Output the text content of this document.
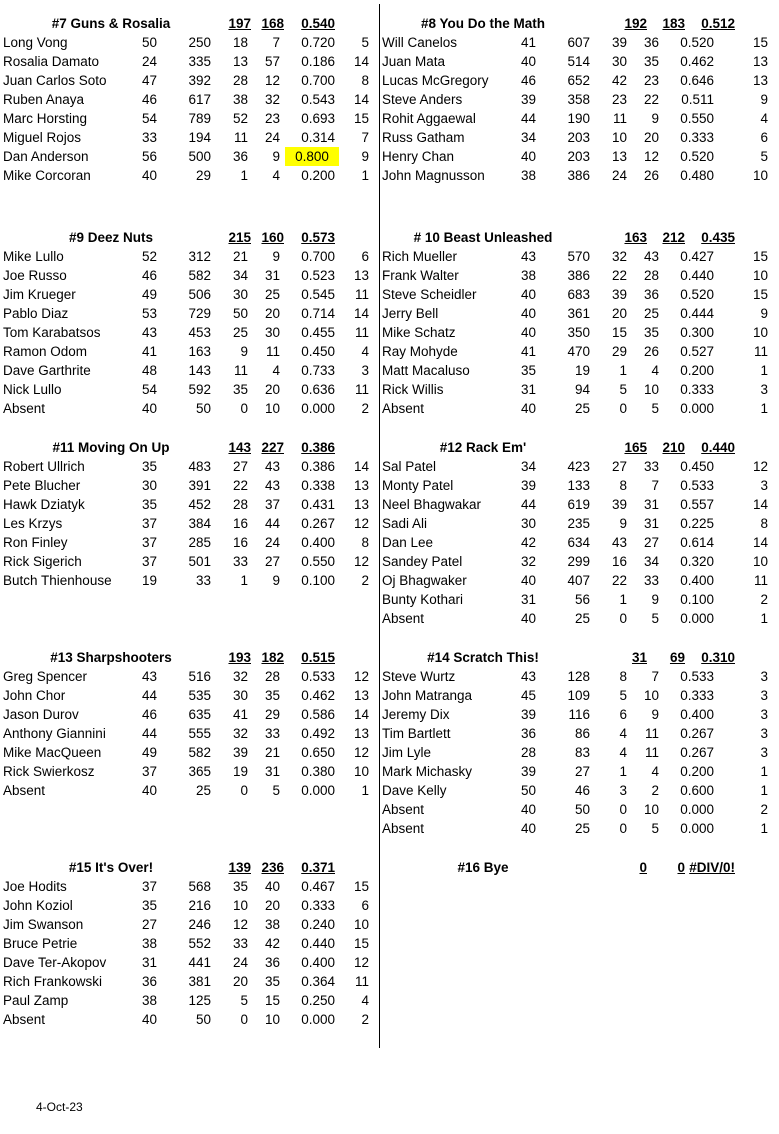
#7 Guns & Rosalia	197 168	0.540
Long Vong	50	250	18	7	0.720	5
Rosalia Damato	24	335	13	57	0.186	14
Juan Carlos Soto	47	392	28	12	0.700	8
Ruben Anaya	46	617	38	32	0.543	14
Marc Horsting	54	789	52	23	0.693	15
Miguel Rojos	33	194	11	24	0.314	7
Dan Anderson	56	500	36	9	0.800	9
Mike Corcoran	40	29	1	4	0.200	1
#8 You Do the Math	192	183	0.512
Will Canelos	41	607	39	36	0.520	15
Juan Mata	40	514	30	35	0.462	13
Lucas McGregory	46	652	42	23	0.646	13
Steve Anders	39	358	23	22	0.511	9
Rohit Aggaewal	44	190	11	9	0.550	4
Russ Gatham	34	203	10	20	0.333	6
Henry Chan	40	203	13	12	0.520	5
John Magnusson	38	386	24	26	0.480	10
#9 Deez Nuts	215 160	0.573
Mike Lullo	52	312	21	9	0.700	6
Joe Russo	46	582	34	31	0.523	13
Jim Krueger	49	506	30	25	0.545	11
Pablo Diaz	53	729	50	20	0.714	14
Tom Karabatsos	43	453	25	30	0.455	11
Ramon Odom	41	163	9	11	0.450	4
Dave Garthrite	48	143	11	4	0.733	3
Nick Lullo	54	592	35	20	0.636	11
Absent	40	50	0	10	0.000	2
# 10 Beast Unleashed	163	212	0.435
Rich Mueller	43	570	32	43	0.427	15
Frank Walter	38	386	22	28	0.440	10
Steve Scheidler	40	683	39	36	0.520	15
Jerry Bell	40	361	20	25	0.444	9
Mike Schatz	40	350	15	35	0.300	10
Ray Mohyde	41	470	29	26	0.527	11
Matt Macaluso	35	19	1	4	0.200	1
Rick Willis	31	94	5	10	0.333	3
Absent	40	25	0	5	0.000	1
#11 Moving On Up	143 227	0.386
Robert Ullrich	35	483	27	43	0.386	14
Pete Blucher	30	391	22	43	0.338	13
Hawk Dziatyk	35	452	28	37	0.431	13
Les Krzys	37	384	16	44	0.267	12
Ron Finley	37	285	16	24	0.400	8
Rick Sigerich	37	501	33	27	0.550	12
Butch Thienhouse	19	33	1	9	0.100	2
#12 Rack Em'	165	210	0.440
Sal Patel	34	423	27	33	0.450	12
Monty Patel	39	133	8	7	0.533	3
Neel Bhagwakar	44	619	39	31	0.557	14
Sadi Ali	30	235	9	31	0.225	8
Dan Lee	42	634	43	27	0.614	14
Sandey Patel	32	299	16	34	0.320	10
Oj Bhagwaker	40	407	22	33	0.400	11
Bunty Kothari	31	56	1	9	0.100	2
Absent	40	25	0	5	0.000	1
#13 Sharpshooters	193 182	0.515
Greg Spencer	43	516	32	28	0.533	12
John Chor	44	535	30	35	0.462	13
Jason Durov	46	635	41	29	0.586	14
Anthony Giannini	44	555	32	33	0.492	13
Mike MacQueen	49	582	39	21	0.650	12
Rick Swierkosz	37	365	19	31	0.380	10
Absent	40	25	0	5	0.000	1
#14 Scratch This!	31	69	0.310
Steve Wurtz	43	128	8	7	0.533	3
John Matranga	45	109	5	10	0.333	3
Jeremy Dix	39	116	6	9	0.400	3
Tim Bartlett	36	86	4	11	0.267	3
Jim Lyle	28	83	4	11	0.267	3
Mark Michasky	39	27	1	4	0.200	1
Dave Kelly	50	46	3	2	0.600	1
Absent	40	50	0	10	0.000	2
Absent	40	25	0	5	0.000	1
#15 It's Over!	139 236	0.371
Joe Hodits	37	568	35	40	0.467	15
John Koziol	35	216	10	20	0.333	6
Jim Swanson	27	246	12	38	0.240	10
Bruce Petrie	38	552	33	42	0.440	15
Dave Ter-Akopov	31	441	24	36	0.400	12
Rich Frankowski	36	381	20	35	0.364	11
Paul Zamp	38	125	5	15	0.250	4
Absent	40	50	0	10	0.000	2
#16 Bye	0	0 #DIV/0!
4-Oct-23
